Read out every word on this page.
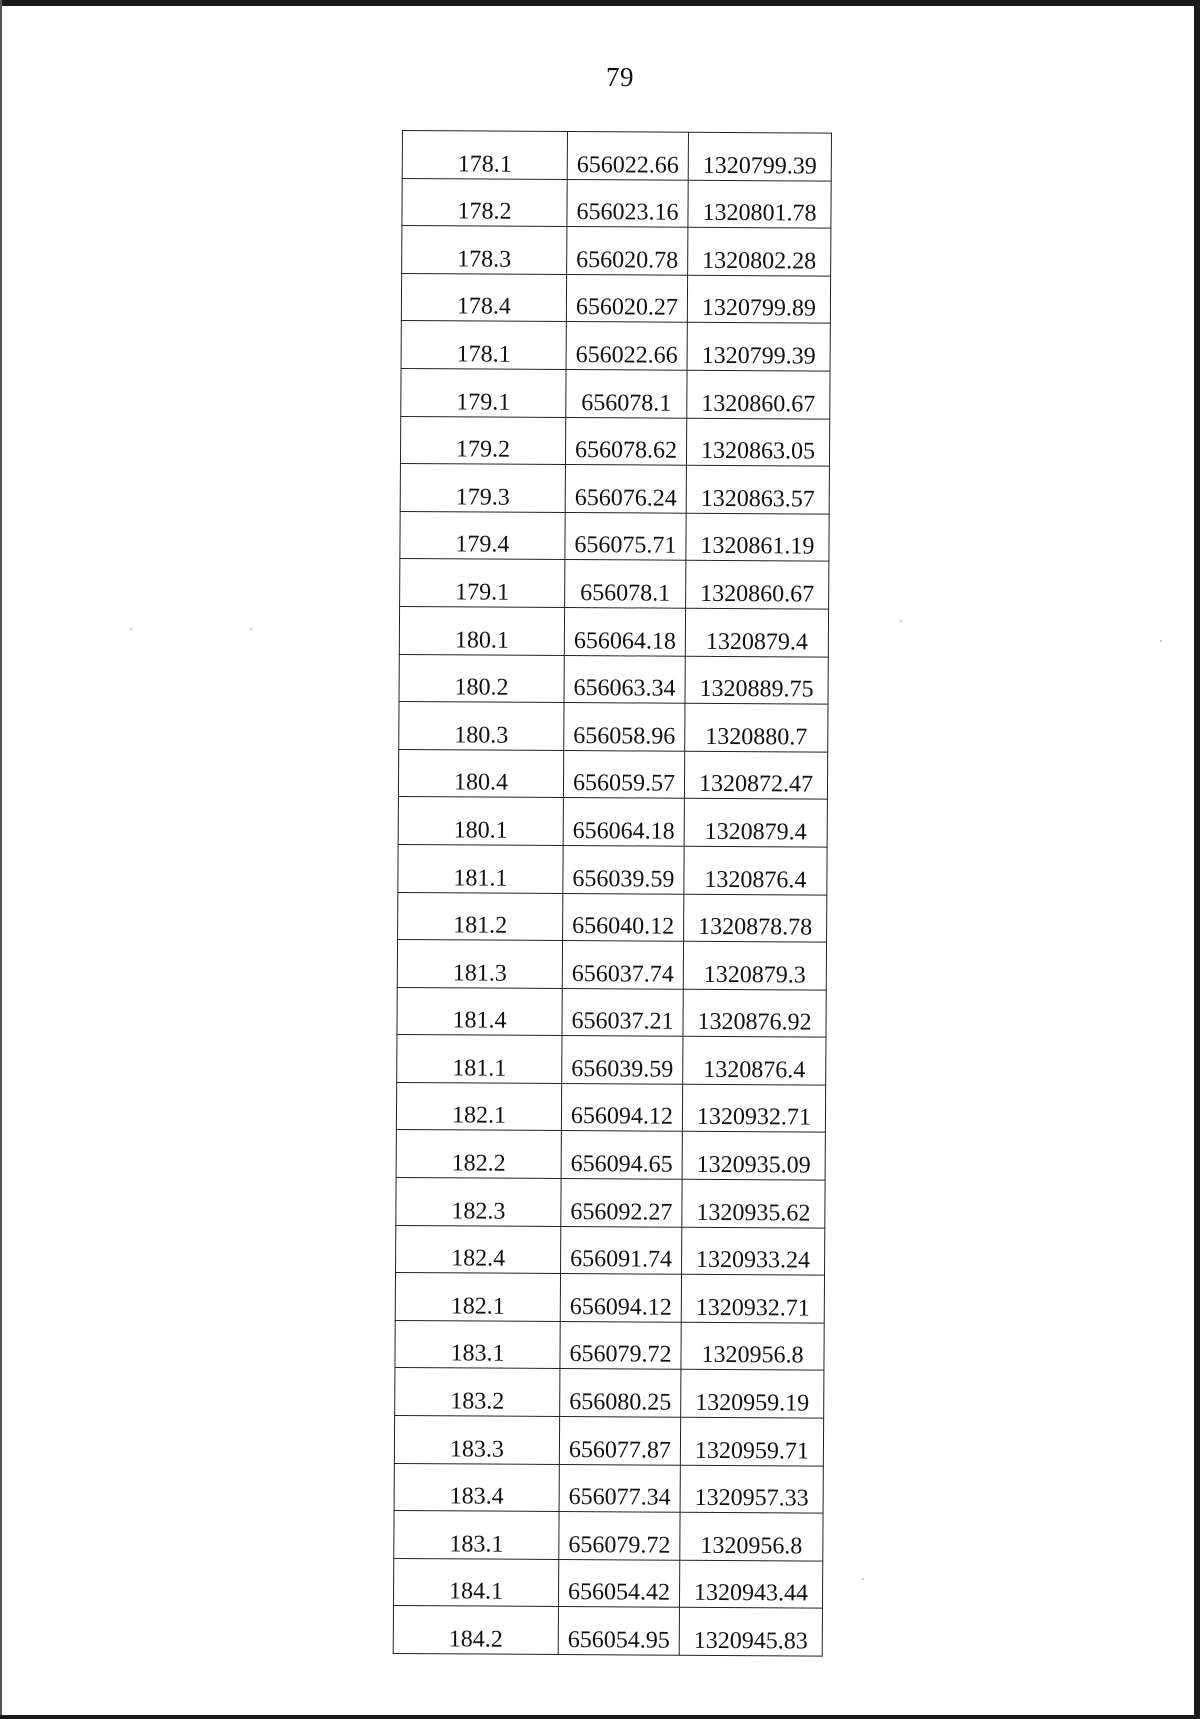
79
178.1	656022.66	1320799.39
178.2	656023.16	1320801.78
178.3	656020.78	1320802.28
178.4	656020.27	1320799.89
178.1	656022.66	1320799.39
179.1	656078.1	1320860.67
179.2	656078.62	1320863.05
179.3	656076.24	1320863.57
179.4	656075.71	1320861.19
179.1	656078.1	1320860.67
180.1	656064.18	1320879.4
180.2	656063.34	1320889.75
180.3	656058.96	1320880.7
180.4	656059.57	1320872.47
180.1	656064.18	1320879.4
181.1	656039.59	1320876.4
181.2	656040.12	1320878.78
181.3	656037.74	1320879.3
181.4	656037.21	1320876.92
181.1	656039.59	1320876.4
182.1	656094.12	1320932.71
182.2	656094.65	1320935.09
182.3	656092.27	1320935.62
182.4	656091.74	1320933.24
182.1	656094.12	1320932.71
183.1	656079.72	1320956.8
183.2	656080.25	1320959.19
183.3	656077.87	1320959.71
183.4	656077.34	1320957.33
183.1	656079.72	1320956.8
184.1	656054.42	1320943.44
184.2	656054.95	1320945.83
